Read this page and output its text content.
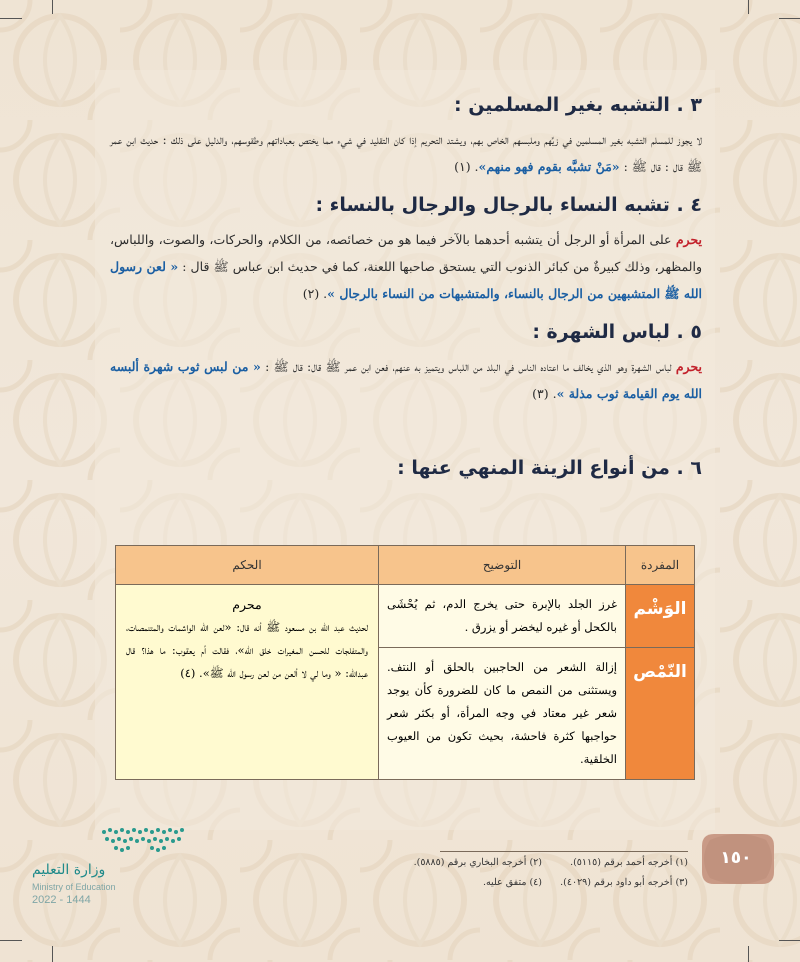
٣ . التشبه بغير المسلمين :

لا يجوز للمسلم التشبه بغير المسلمين في زيِّهم وملبسهم الخاص بهم، ويشتد التحريم إذا كان التقليد في شيء مما يختص بعباداتهم وطقوسهم، والدليل على ذلك : حديث ابن عمر ﷺ قال : قال ﷺ : «مَنْ تشبَّه بقوم فهو منهم». (١)

٤ . تشبه النساء بالرجال والرجال بالنساء :

يحرم على المرأة أو الرجل أن يتشبه أحدهما بالآخر فيما هو من خصائصه، من الكلام، والحركات، والصوت، واللباس، والمظهر، وذلك كبيرةٌ من كبائر الذنوب التي يستحق صاحبها اللعنة، كما في حديث ابن عباس ﷺ قال : « لعن رسول الله ﷺ المتشبهين من الرجال بالنساء، والمتشبهات من النساء بالرجال ». (٢)

٥ . لباس الشهرة :

يحرم لباس الشهرة وهو الذي يخالف ما اعتاده الناس في البلد من اللباس ويتميز به عنهم، فعن ابن عمر ﷺ قال: قال ﷺ : « من لبس ثوب شهرة ألبسه الله يوم القيامة ثوب مذلة ». (٣)

٦ . من أنواع الزينة المنهي عنها :
المفردة	التوضيح	الحكم
الوَشْم	غرز الجلد بالإبرة حتى يخرج الدم، ثم يُحْشَى بالكحل أو غيره ليخضر أو يزرق .	محرم
لحديث عبد الله بن مسعود ﷺ أنه قال: «لعن الله الواشمات والمتنمصات، والمتفلجات للحسن المغيرات خلق الله»، فقالت أم يعقوب: ما هذا؟ قال عبدالله: « وما لي لا ألعن من لعن رسول الله ﷺ». (٤)
النّمْص	إزالة الشعر من الحاجبين بالحلق أو النتف. ويستثنى من النمص ما كان للضرورة كأن يوجد شعر غير معتاد في وجه المرأة، أو بكثر شعر حواجبها كثرة فاحشة، بحيث تكون من العيوب الخلقية.	
(١) أخرجه أحمد برقم (٥١١٥).
(٢) أخرجه البخاري برقم (٥٨٨٥).
(٣) أخرجه أبو داود برقم (٤٠٢٩).
(٤) متفق عليه.
١٥٠
وزارة التعليم
Ministry of Education
2022 - 1444
